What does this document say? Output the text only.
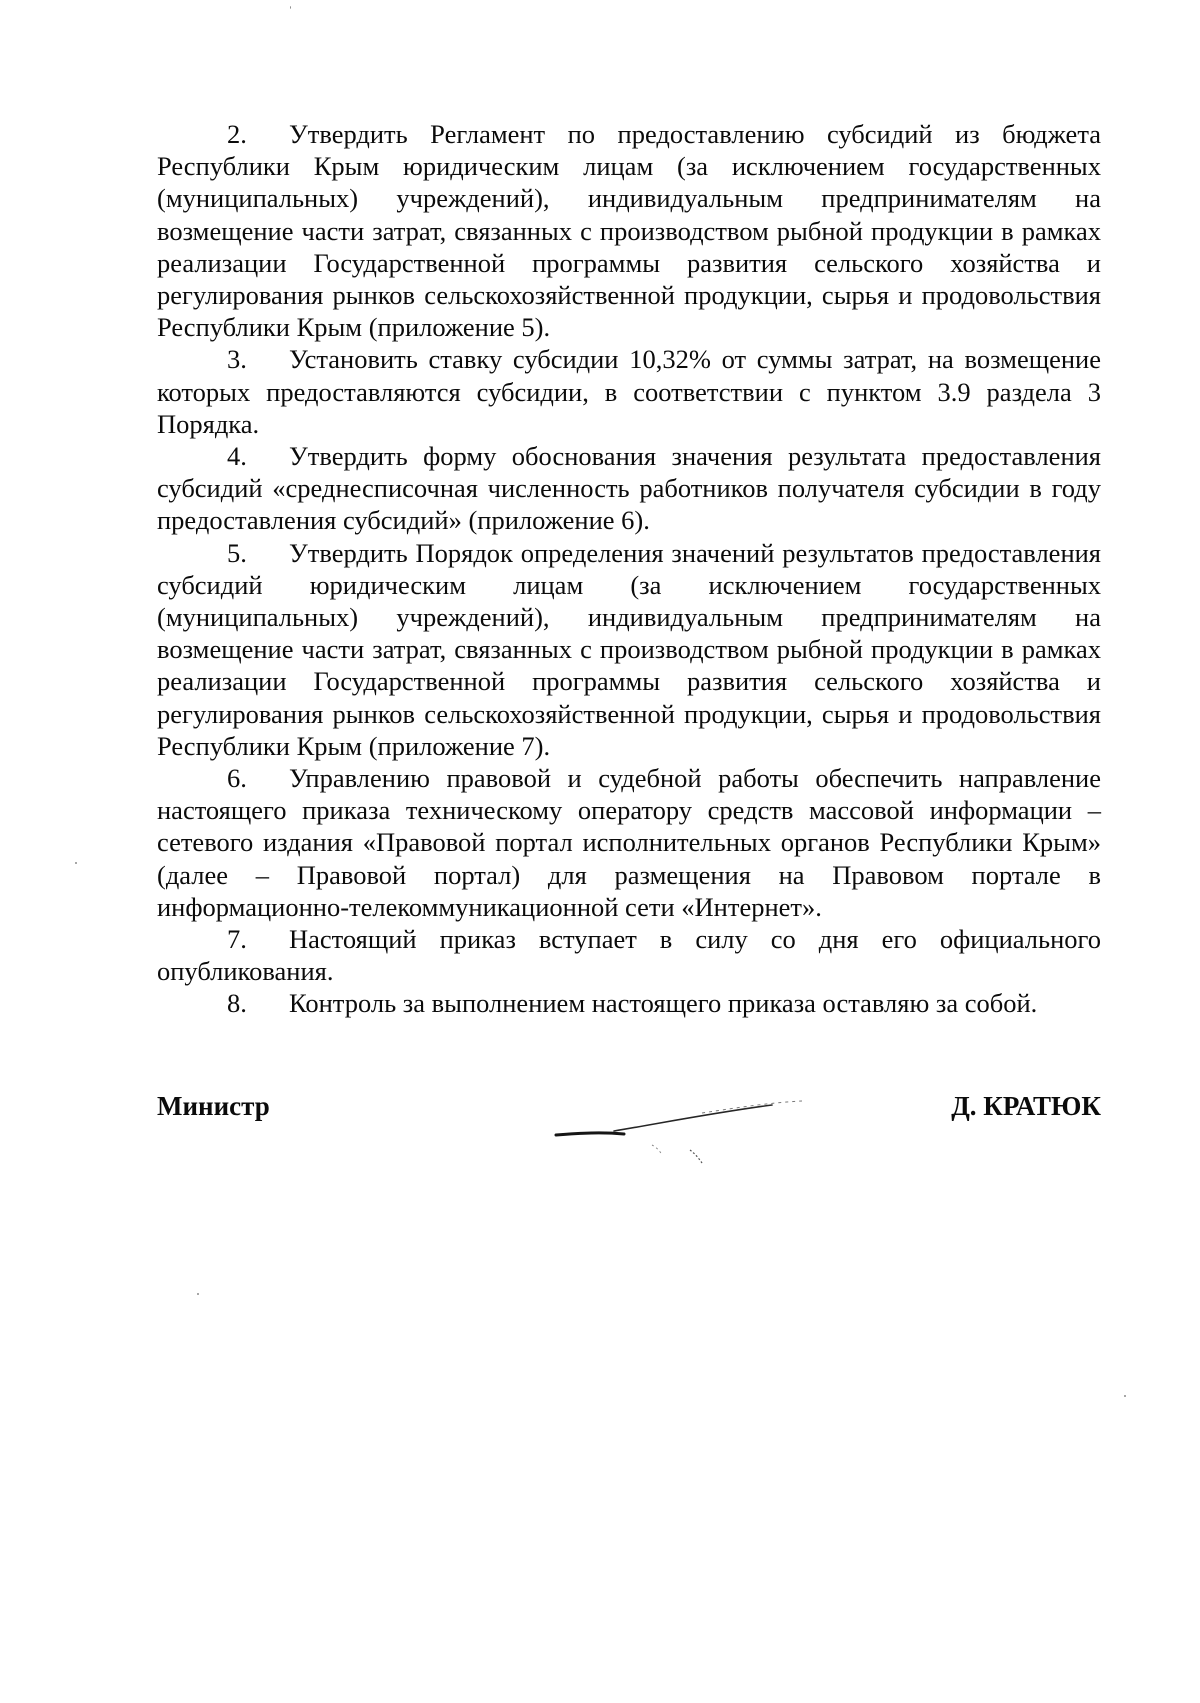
2. Утвердить Регламент по предоставлению субсидий из бюджета Республики Крым юридическим лицам (за исключением государственных (муниципальных) учреждений), индивидуальным предпринимателям на возмещение части затрат, связанных с производством рыбной продукции в рамках реализации Государственной программы развития сельского хозяйства и регулирования рынков сельскохозяйственной продукции, сырья и продовольствия Республики Крым (приложение 5).

3. Установить ставку субсидии 10,32% от суммы затрат, на возмещение которых предоставляются субсидии, в соответствии с пунктом 3.9 раздела 3 Порядка.

4. Утвердить форму обоснования значения результата предоставления субсидий «среднесписочная численность работников получателя субсидии в году предоставления субсидий» (приложение 6).

5. Утвердить Порядок определения значений результатов предоставления субсидий юридическим лицам (за исключением государственных (муниципальных) учреждений), индивидуальным предпринимателям на возмещение части затрат, связанных с производством рыбной продукции в рамках реализации Государственной программы развития сельского хозяйства и регулирования рынков сельскохозяйственной продукции, сырья и продовольствия Республики Крым (приложение 7).

6. Управлению правовой и судебной работы обеспечить направление настоящего приказа техническому оператору средств массовой информации – сетевого издания «Правовой портал исполнительных органов Республики Крым» (далее – Правовой портал) для размещения на Правовом портале в информационно-телекоммуникационной сети «Интернет».

7. Настоящий приказ вступает в силу со дня его официального опубликования.

8. Контроль за выполнением настоящего приказа оставляю за собой.

Министр	Д. КРАТЮК
